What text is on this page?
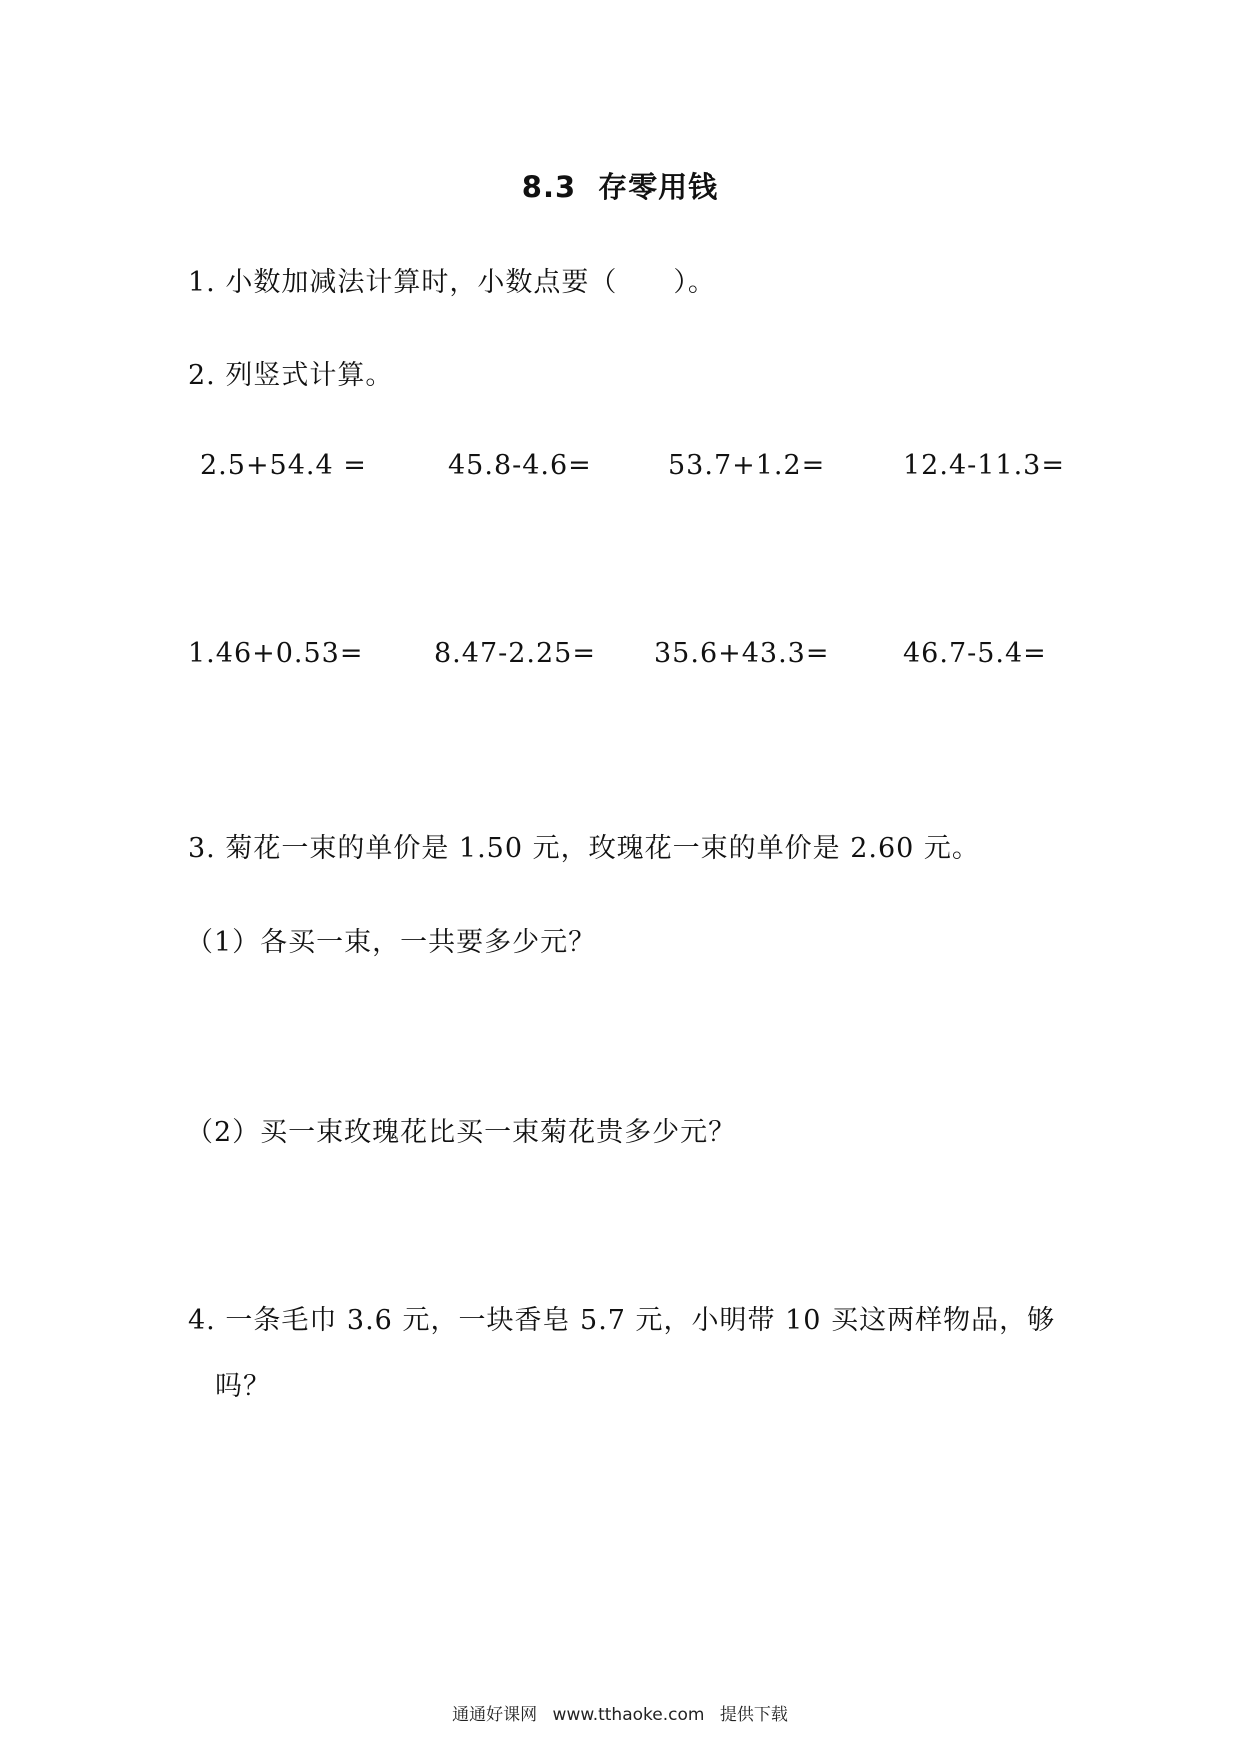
8.3 存零用钱
1. 小数加减法计算时，小数点要（　　）。
2. 列竖式计算。
2.5+54.4 =	45.8-4.6=	53.7+1.2=	12.4-11.3=
1.46+0.53=	8.47-2.25= 35.6+43.3=	46.7-5.4=
3. 菊花一束的单价是 1.50 元，玫瑰花一束的单价是 2.60 元。
（1）各买一束，一共要多少元？
（2）买一束玫瑰花比买一束菊花贵多少元？
4. 一条毛巾 3.6 元，一块香皂 5.7 元，小明带 10 买这两样物品，够
吗？
通通好课网 www.tthaoke.com 提供下载
